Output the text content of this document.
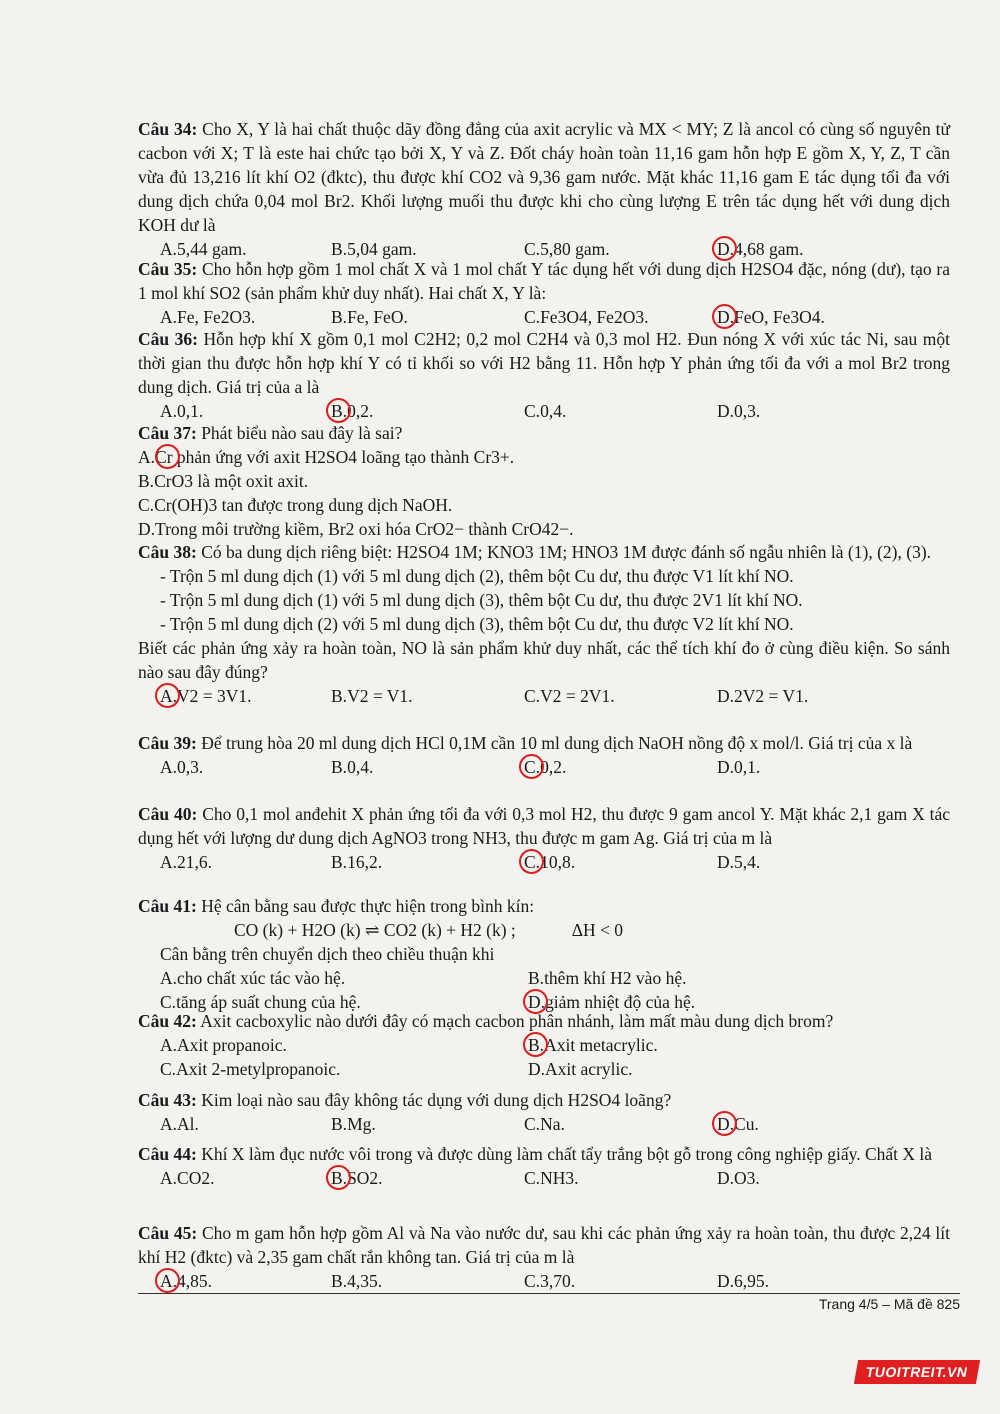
Câu 34: Cho X, Y là hai chất thuộc dãy đồng đẳng của axit acrylic và MX < MY; Z là ancol có cùng số nguyên tử cacbon với X; T là este hai chức tạo bởi X, Y và Z. Đốt cháy hoàn toàn 11,16 gam hỗn hợp E gồm X, Y, Z, T cần vừa đủ 13,216 lít khí O2 (đktc), thu được khí CO2 và 9,36 gam nước. Mặt khác 11,16 gam E tác dụng tối đa với dung dịch chứa 0,04 mol Br2. Khối lượng muối thu được khi cho cùng lượng E trên tác dụng hết với dung dịch KOH dư là

A.5,44 gam.	B.5,04 gam.	C.5,80 gam.	D.4,68 gam.

Câu 35: Cho hỗn hợp gồm 1 mol chất X và 1 mol chất Y tác dụng hết với dung dịch H2SO4 đặc, nóng (dư), tạo ra 1 mol khí SO2 (sản phẩm khử duy nhất). Hai chất X, Y là:

A.Fe, Fe2O3.	B.Fe, FeO.	C.Fe3O4, Fe2O3.	D.FeO, Fe3O4.

Câu 36: Hỗn hợp khí X gồm 0,1 mol C2H2; 0,2 mol C2H4 và 0,3 mol H2. Đun nóng X với xúc tác Ni, sau một thời gian thu được hỗn hợp khí Y có tỉ khối so với H2 bằng 11. Hỗn hợp Y phản ứng tối đa với a mol Br2 trong dung dịch. Giá trị của a là

A.0,1.	B.0,2.	C.0,4.	D.0,3.

Câu 37: Phát biểu nào sau đây là sai?

A.Cr phản ứng với axit H2SO4 loãng tạo thành Cr3+.
B.CrO3 là một oxit axit.
C.Cr(OH)3 tan được trong dung dịch NaOH.
D.Trong môi trường kiềm, Br2 oxi hóa CrO2− thành CrO42−.

Câu 38: Có ba dung dịch riêng biệt: H2SO4 1M; KNO3 1M; HNO3 1M được đánh số ngẫu nhiên là (1), (2), (3).

- Trộn 5 ml dung dịch (1) với 5 ml dung dịch (2), thêm bột Cu dư, thu được V1 lít khí NO.

- Trộn 5 ml dung dịch (1) với 5 ml dung dịch (3), thêm bột Cu dư, thu được 2V1 lít khí NO.

- Trộn 5 ml dung dịch (2) với 5 ml dung dịch (3), thêm bột Cu dư, thu được V2 lít khí NO.

Biết các phản ứng xảy ra hoàn toàn, NO là sản phẩm khử duy nhất, các thể tích khí đo ở cùng điều kiện. So sánh nào sau đây đúng?

A.V2 = 3V1.	B.V2 = V1.	C.V2 = 2V1.	D.2V2 = V1.

Câu 39: Để trung hòa 20 ml dung dịch HCl 0,1M cần 10 ml dung dịch NaOH nồng độ x mol/l. Giá trị của x là

A.0,3.	B.0,4.	C.0,2.	D.0,1.

Câu 40: Cho 0,1 mol anđehit X phản ứng tối đa với 0,3 mol H2, thu được 9 gam ancol Y. Mặt khác 2,1 gam X tác dụng hết với lượng dư dung dịch AgNO3 trong NH3, thu được m gam Ag. Giá trị của m là

A.21,6.	B.16,2.	C.10,8.	D.5,4.

Câu 41: Hệ cân bằng sau được thực hiện trong bình kín:

CO (k) + H2O (k) ⇌ CO2 (k) + H2 (k) ;	ΔH < 0

Cân bằng trên chuyển dịch theo chiều thuận khi

A.cho chất xúc tác vào hệ.	B.thêm khí H2 vào hệ.
C.tăng áp suất chung của hệ.	D.giảm nhiệt độ của hệ.

Câu 42: Axit cacboxylic nào dưới đây có mạch cacbon phân nhánh, làm mất màu dung dịch brom?

A.Axit propanoic.	B.Axit metacrylic.
C.Axit 2-metylpropanoic.	D.Axit acrylic.

Câu 43: Kim loại nào sau đây không tác dụng với dung dịch H2SO4 loãng?

A.Al.	B.Mg.	C.Na.	D.Cu.

Câu 44: Khí X làm đục nước vôi trong và được dùng làm chất tẩy trắng bột gỗ trong công nghiệp giấy. Chất X là

A.CO2.	B.SO2.	C.NH3.	D.O3.

Câu 45: Cho m gam hỗn hợp gồm Al và Na vào nước dư, sau khi các phản ứng xảy ra hoàn toàn, thu được 2,24 lít khí H2 (đktc) và 2,35 gam chất rắn không tan. Giá trị của m là

A.4,85.	B.4,35.	C.3,70.	D.6,95.
Trang 4/5 – Mã đề 825
TUOITREIT.VN
